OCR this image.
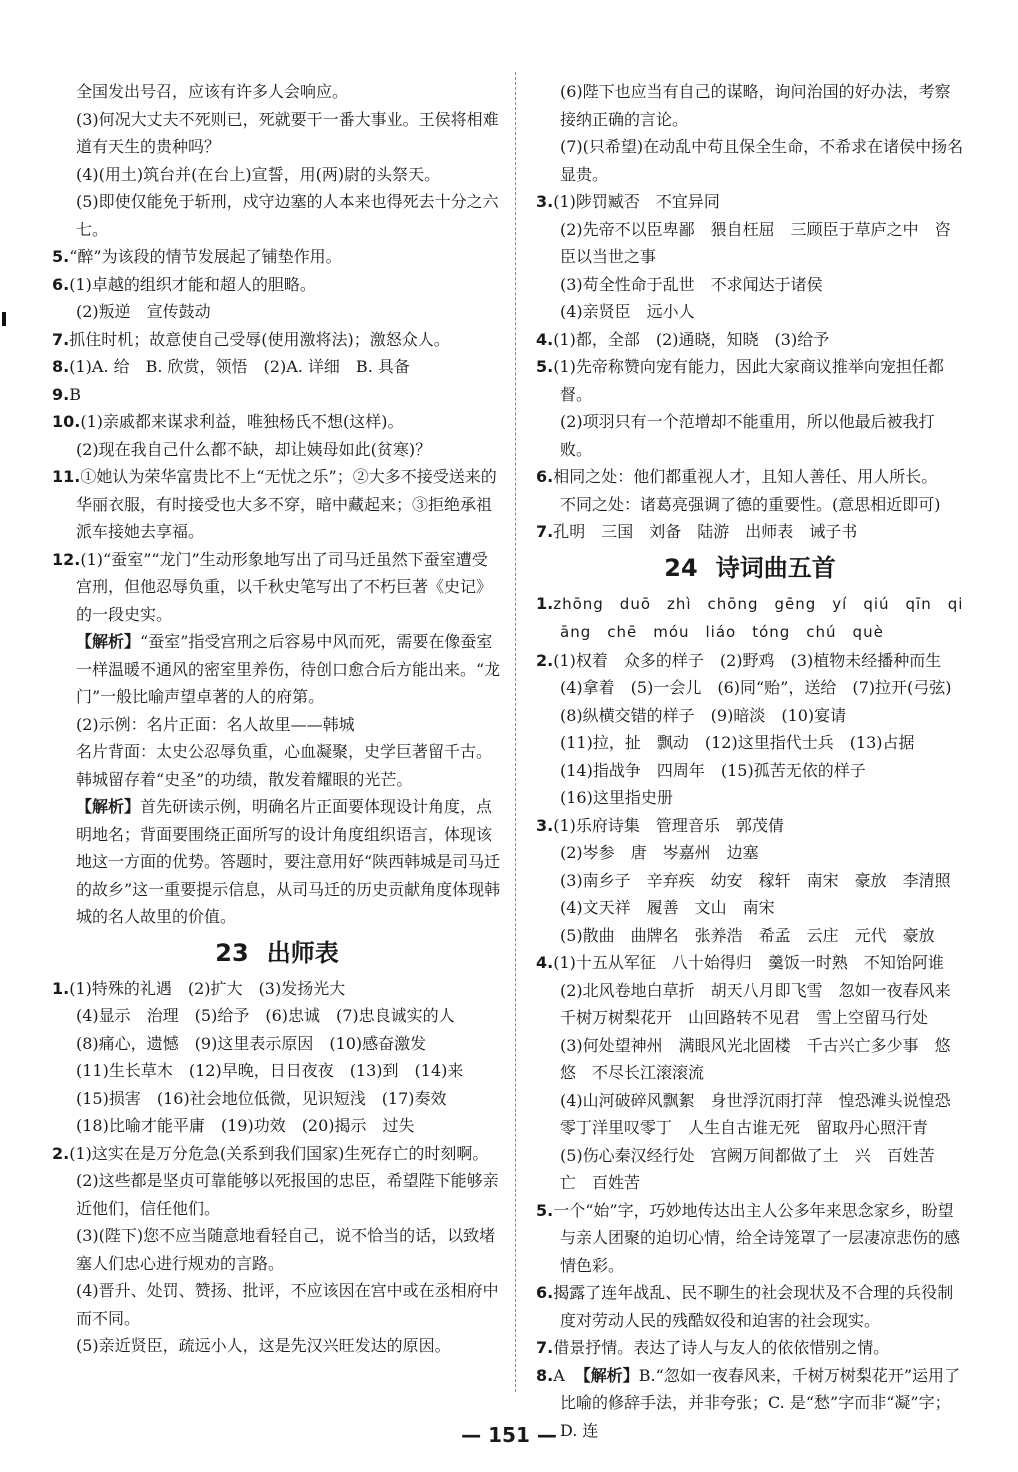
全国发出号召，应该有许多人会响应。

(3)何况大丈夫不死则已，死就要干一番大事业。王侯将相难道有天生的贵种吗？

(4)(用土)筑台并(在台上)宣誓，用(两)尉的头祭天。

(5)即使仅能免于斩刑，戍守边塞的人本来也得死去十分之六七。

5.“醉”为该段的情节发展起了铺垫作用。

6.(1)卓越的组织才能和超人的胆略。

(2)叛逆　宣传鼓动

7.抓住时机；故意使自己受辱(使用激将法)；激怒众人。

8.(1)A. 给　B. 欣赏，领悟　(2)A. 详细　B. 具备

9.B

10.(1)亲戚都来谋求利益，唯独杨氏不想(这样)。

(2)现在我自己什么都不缺，却让姨母如此(贫寒)？

11.①她认为荣华富贵比不上“无忧之乐”；②大多不接受送来的华丽衣服，有时接受也大多不穿，暗中藏起来；③拒绝承祖派车接她去享福。

12.(1)“蚕室”“龙门”生动形象地写出了司马迁虽然下蚕室遭受宫刑，但他忍辱负重，以千秋史笔写出了不朽巨著《史记》的一段史实。

【解析】“蚕室”指受宫刑之后容易中风而死，需要在像蚕室一样温暖不通风的密室里养伤，待创口愈合后方能出来。“龙门”一般比喻声望卓著的人的府第。

(2)示例：名片正面：名人故里——韩城

名片背面：太史公忍辱负重，心血凝聚，史学巨著留千古。韩城留存着“史圣”的功绩，散发着耀眼的光芒。

【解析】首先研读示例，明确名片正面要体现设计角度，点明地名；背面要围绕正面所写的设计角度组织语言，体现该地这一方面的优势。答题时，要注意用好“陕西韩城是司马迁的故乡”这一重要提示信息，从司马迁的历史贡献角度体现韩城的名人故里的价值。

23 出师表

1.(1)特殊的礼遇　(2)扩大　(3)发扬光大

(4)显示　治理　(5)给予　(6)忠诚　(7)忠良诚实的人

(8)痛心，遗憾　(9)这里表示原因　(10)感奋激发

(11)生长草木　(12)早晚，日日夜夜　(13)到　(14)来

(15)损害　(16)社会地位低微，见识短浅　(17)奏效

(18)比喻才能平庸　(19)功效　(20)揭示　过失

2.(1)这实在是万分危急(关系到我们国家)生死存亡的时刻啊。

(2)这些都是坚贞可靠能够以死报国的忠臣，希望陛下能够亲近他们，信任他们。

(3)(陛下)您不应当随意地看轻自己，说不恰当的话，以致堵塞人们忠心进行规劝的言路。

(4)晋升、处罚、赞扬、批评，不应该因在宫中或在丞相府中而不同。

(5)亲近贤臣，疏远小人，这是先汉兴旺发达的原因。

(6)陛下也应当有自己的谋略，询问治国的好办法，考察接纳正确的言论。

(7)(只希望)在动乱中苟且保全生命，不希求在诸侯中扬名显贵。

3.(1)陟罚臧否　不宜异同

(2)先帝不以臣卑鄙　猥自枉屈　三顾臣于草庐之中　咨臣以当世之事

(3)苟全性命于乱世　不求闻达于诸侯

(4)亲贤臣　远小人

4.(1)都，全部　(2)通晓，知晓　(3)给予

5.(1)先帝称赞向宠有能力，因此大家商议推举向宠担任都督。

(2)项羽只有一个范增却不能重用，所以他最后被我打败。

6.相同之处：他们都重视人才，且知人善任、用人所长。

不同之处：诸葛亮强调了德的重要性。(意思相近即可)

7.孔明　三国　刘备　陆游　出师表　诫子书

24 诗词曲五首

1.zhōng　duō　zhì　chōng　gēng　yí　qiú　qīn　qiāng　chē　móu　liáo　tóng　chú　què

2.(1)权着　众多的样子　(2)野鸡　(3)植物未经播种而生　(4)拿着　(5)一会儿　(6)同“贻”，送给　(7)拉开(弓弦)

(8)纵横交错的样子　(9)暗淡　(10)宴请

(11)拉，扯　飘动　(12)这里指代士兵　(13)占据

(14)指战争　四周年　(15)孤苦无依的样子

(16)这里指史册

3.(1)乐府诗集　管理音乐　郭茂倩

(2)岑参　唐　岑嘉州　边塞

(3)南乡子　辛弃疾　幼安　稼轩　南宋　豪放　李清照

(4)文天祥　履善　文山　南宋

(5)散曲　曲牌名　张养浩　希孟　云庄　元代　豪放

4.(1)十五从军征　八十始得归　羹饭一时熟　不知饴阿谁

(2)北风卷地白草折　胡天八月即飞雪　忽如一夜春风来　千树万树梨花开　山回路转不见君　雪上空留马行处

(3)何处望神州　满眼风光北固楼　千古兴亡多少事　悠悠　不尽长江滚滚流

(4)山河破碎风飘絮　身世浮沉雨打萍　惶恐滩头说惶恐　零丁洋里叹零丁　人生自古谁无死　留取丹心照汗青

(5)伤心秦汉经行处　宫阙万间都做了土　兴　百姓苦　亡　百姓苦

5.一个“始”字，巧妙地传达出主人公多年来思念家乡，盼望与亲人团聚的迫切心情，给全诗笼罩了一层凄凉悲伤的感情色彩。

6.揭露了连年战乱、民不聊生的社会现状及不合理的兵役制度对劳动人民的残酷奴役和迫害的社会现实。

7.借景抒情。表达了诗人与友人的依依惜别之情。

8.A 【解析】B.“忽如一夜春风来，千树万树梨花开”运用了比喻的修辞手法，并非夸张；C. 是“愁”字而非“凝”字；D. 连

— 151 —
